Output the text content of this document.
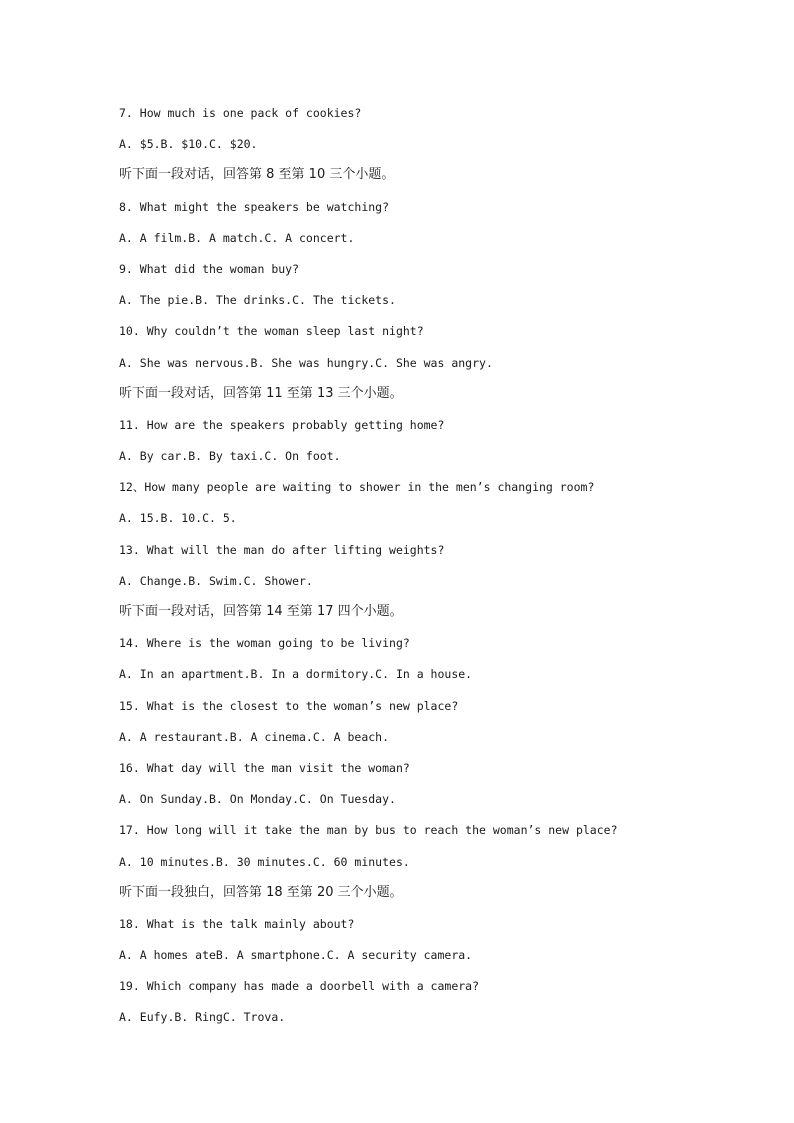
7. How much is one pack of cookies?
A. $5.B. $10.C. $20.
听下面一段对话，回答第 8 至第 10 三个小题。
8. What might the speakers be watching?
A. A film.B. A match.C. A concert.
9. What did the woman buy?
A. The pie.B. The drinks.C. The tickets.
10. Why couldn’t the woman sleep last night?
A. She was nervous.B. She was hungry.C. She was angry.
听下面一段对话，回答第 11 至第 13 三个小题。
11. How are the speakers probably getting home?
A. By car.B. By taxi.C. On foot.
12、How many people are waiting to shower in the men’s changing room?
A. 15.B. 10.C. 5.
13. What will the man do after lifting weights?
A. Change.B. Swim.C. Shower.
听下面一段对话，回答第 14 至第 17 四个小题。
14. Where is the woman going to be living?
A. In an apartment.B. In a dormitory.C. In a house.
15. What is the closest to the woman’s new place?
A. A restaurant.B. A cinema.C. A beach.
16. What day will the man visit the woman?
A. On Sunday.B. On Monday.C. On Tuesday.
17. How long will it take the man by bus to reach the woman’s new place?
A. 10 minutes.B. 30 minutes.C. 60 minutes.
听下面一段独白，回答第 18 至第 20 三个小题。
18. What is the talk mainly about?
A. A homes ateB. A smartphone.C. A security camera.
19. Which company has made a doorbell with a camera?
A. Eufy.B. RingC. Trova.
